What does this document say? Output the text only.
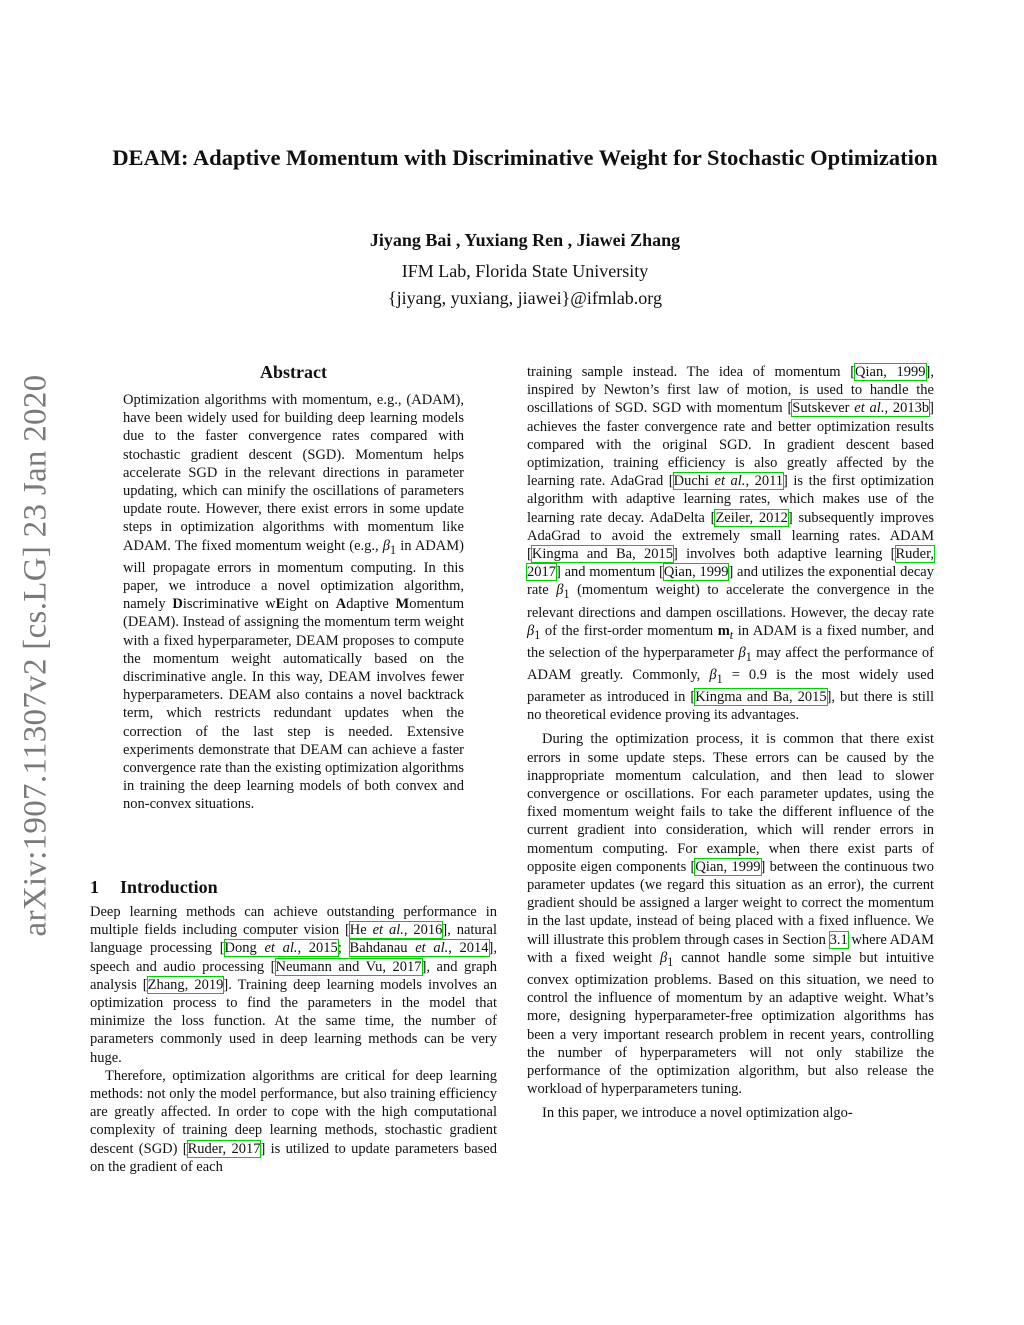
arXiv:1907.11307v2 [cs.LG] 23 Jan 2020
DEAM: Adaptive Momentum with Discriminative Weight for Stochastic Optimization
Jiyang Bai , Yuxiang Ren , Jiawei Zhang
IFM Lab, Florida State University
{jiyang, yuxiang, jiawei}@ifmlab.org
Abstract

Optimization algorithms with momentum, e.g., (ADAM), have been widely used for building deep learning models due to the faster convergence rates compared with stochastic gradient descent (SGD). Momentum helps accelerate SGD in the relevant directions in parameter updating, which can minify the oscillations of parameters update route. However, there exist errors in some update steps in optimization algorithms with momentum like ADAM. The fixed momentum weight (e.g., $\beta_1$ in ADAM) will propagate errors in momentum computing. In this paper, we introduce a novel optimization algorithm, namely Discriminative wEight on Adaptive Momentum (DEAM). Instead of assigning the momentum term weight with a fixed hyperparameter, DEAM proposes to compute the momentum weight automatically based on the discriminative angle. In this way, DEAM involves fewer hyperparameters. DEAM also contains a novel backtrack term, which restricts redundant updates when the correction of the last step is needed. Extensive experiments demonstrate that DEAM can achieve a faster convergence rate than the existing optimization algorithms in training the deep learning models of both convex and non-convex situations.

1 Introduction

Deep learning methods can achieve outstanding performance in multiple fields including computer vision [He et al., 2016], natural language processing [Dong et al., 2015; Bahdanau et al., 2014], speech and audio processing [Neumann and Vu, 2017], and graph analysis [Zhang, 2019]. Training deep learning models involves an optimization process to find the parameters in the model that minimize the loss function. At the same time, the number of parameters commonly used in deep learning methods can be very huge.

Therefore, optimization algorithms are critical for deep learning methods: not only the model performance, but also training efficiency are greatly affected. In order to cope with the high computational complexity of training deep learning methods, stochastic gradient descent (SGD) [Ruder, 2017] is utilized to update parameters based on the gradient of each

training sample instead. The idea of momentum [Qian, 1999], inspired by Newton’s first law of motion, is used to handle the oscillations of SGD. SGD with momentum [Sutskever et al., 2013b] achieves the faster convergence rate and better optimization results compared with the original SGD. In gradient descent based optimization, training efficiency is also greatly affected by the learning rate. AdaGrad [Duchi et al., 2011] is the first optimization algorithm with adaptive learning rates, which makes use of the learning rate decay. AdaDelta [Zeiler, 2012] subsequently improves AdaGrad to avoid the extremely small learning rates. ADAM [Kingma and Ba, 2015] involves both adaptive learning [Ruder, 2017] and momentum [Qian, 1999] and utilizes the exponential decay rate $\beta_1$ (momentum weight) to accelerate the convergence in the relevant directions and dampen oscillations. However, the decay rate $\beta_1$ of the first-order momentum $m_t$ in ADAM is a fixed number, and the selection of the hyperparameter $\beta_1$ may affect the performance of ADAM greatly. Commonly, $\beta_1 = 0.9$ is the most widely used parameter as introduced in [Kingma and Ba, 2015], but there is still no theoretical evidence proving its advantages.

During the optimization process, it is common that there exist errors in some update steps. These errors can be caused by the inappropriate momentum calculation, and then lead to slower convergence or oscillations. For each parameter updates, using the fixed momentum weight fails to take the different influence of the current gradient into consideration, which will render errors in momentum computing. For example, when there exist parts of opposite eigen components [Qian, 1999] between the continuous two parameter updates (we regard this situation as an error), the current gradient should be assigned a larger weight to correct the momentum in the last update, instead of being placed with a fixed influence. We will illustrate this problem through cases in Section 3.1 where ADAM with a fixed weight $\beta_1$ cannot handle some simple but intuitive convex optimization problems. Based on this situation, we need to control the influence of momentum by an adaptive weight. What’s more, designing hyperparameter-free optimization algorithms has been a very important research problem in recent years, controlling the number of hyperparameters will not only stabilize the performance of the optimization algorithm, but also release the workload of hyperparameters tuning.

In this paper, we introduce a novel optimization algo-
